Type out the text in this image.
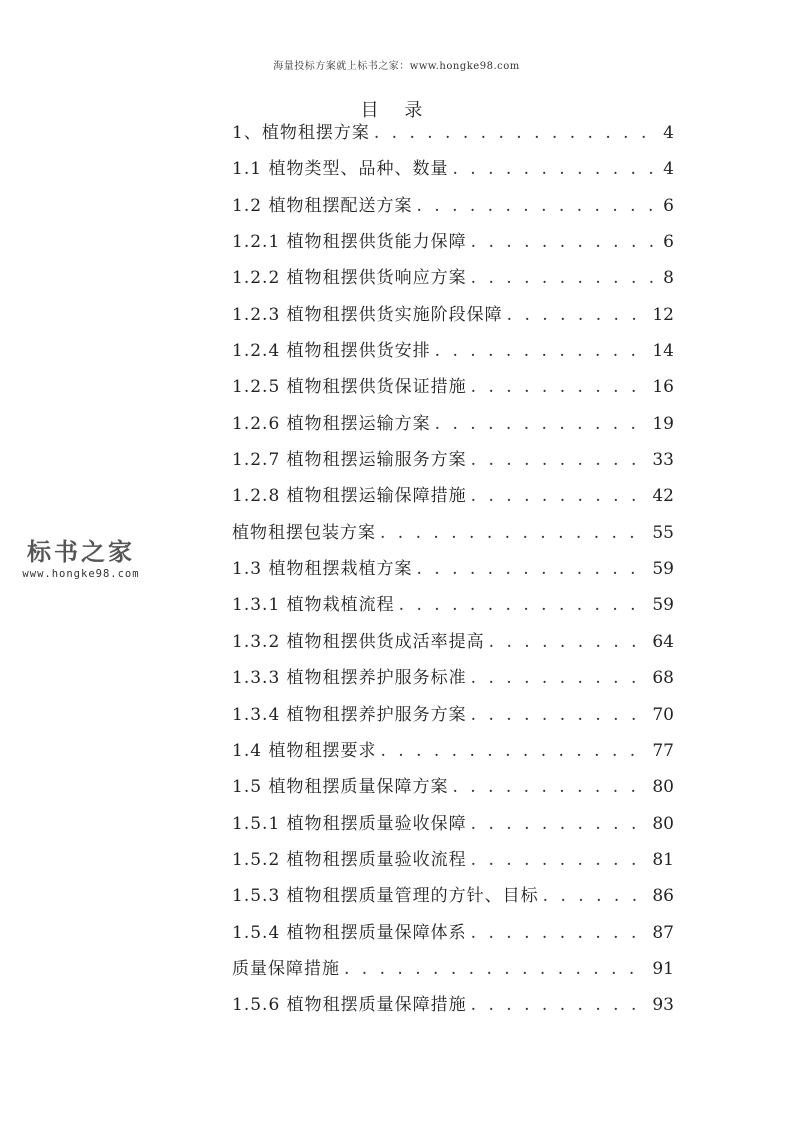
海量投标方案就上标书之家：www.hongke98.com
目 录
1、植物租摆方案 . . .	4
1.1 植物类型、品种、数量 . . .	4
1.2 植物租摆配送方案 . . .	6
1.2.1 植物租摆供货能力保障 . . .	6
1.2.2 植物租摆供货响应方案 . . .	8
1.2.3 植物租摆供货实施阶段保障 . . .	12
1.2.4 植物租摆供货安排 . . .	14
1.2.5 植物租摆供货保证措施 . . .	16
1.2.6 植物租摆运输方案 . . .	19
1.2.7 植物租摆运输服务方案 . . .	33
1.2.8 植物租摆运输保障措施 . . .	42
植物租摆包装方案 . . .	55
1.3 植物租摆栽植方案 . . .	59
1.3.1 植物栽植流程 . . .	59
1.3.2 植物租摆供货成活率提高 . . .	64
1.3.3 植物租摆养护服务标准 . . .	68
1.3.4 植物租摆养护服务方案 . . .	70
1.4 植物租摆要求 . . .	77
1.5 植物租摆质量保障方案 . . .	80
1.5.1 植物租摆质量验收保障 . . .	80
1.5.2 植物租摆质量验收流程 . . .	81
1.5.3 植物租摆质量管理的方针、目标 . . .	86
1.5.4 植物租摆质量保障体系 . . .	87
质量保障措施 . . .	91
1.5.6 植物租摆质量保障措施 . . .	93
标书之家
www.hongke98.com
